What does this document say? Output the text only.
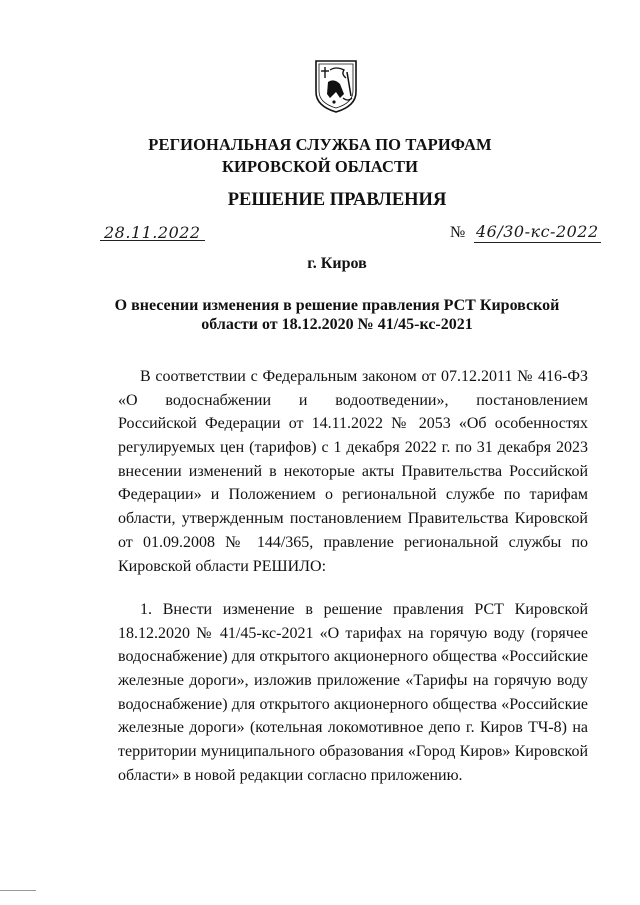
РЕГИОНАЛЬНАЯ СЛУЖБА ПО ТАРИФАМ
КИРОВСКОЙ ОБЛАСТИ
РЕШЕНИЕ ПРАВЛЕНИЯ
28.11.2022	№ 46/30-кс-2022
г. Киров
О внесении изменения в решение правления РСТ Кировской
области от 18.12.2020 № 41/45-кс-2021
В соответствии с Федеральным законом от 07.12.2011 № 416-ФЗ
«О водоснабжении и водоотведении», постановлением
Российской Федерации от 14.11.2022 № 2053 «Об особенностях
регулируемых цен (тарифов) с 1 декабря 2022 г. по 31 декабря 2023
внесении изменений в некоторые акты Правительства Российской
Федерации» и Положением о региональной службе по тарифам
области, утвержденным постановлением Правительства Кировской
от 01.09.2008 № 144/365, правление региональной службы по
Кировской области РЕШИЛО:
1. Внести изменение в решение правления РСТ Кировской
18.12.2020 № 41/45-кс-2021 «О тарифах на горячую воду (горячее
водоснабжение) для открытого акционерного общества «Российские
железные дороги», изложив приложение «Тарифы на горячую воду
водоснабжение) для открытого акционерного общества «Российские
железные дороги» (котельная локомотивное депо г. Киров ТЧ-8) на
территории муниципального образования «Город Киров» Кировской
области» в новой редакции согласно приложению.
